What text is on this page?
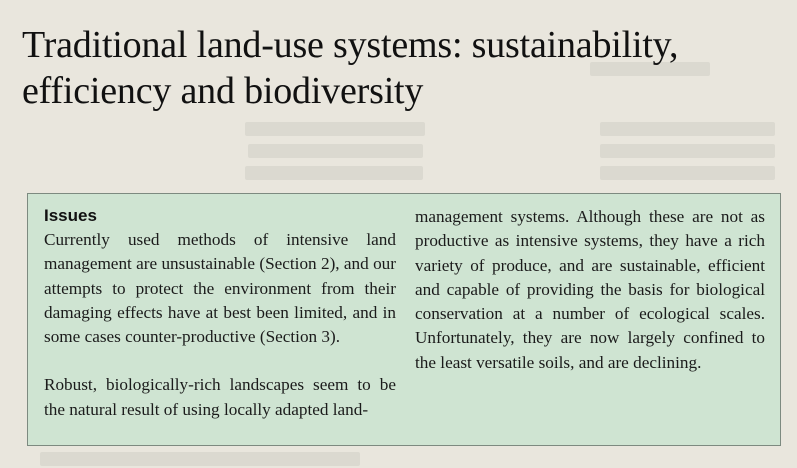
Traditional land-use systems: sustainability, efficiency and biodiversity
Issues

Currently used methods of intensive land management are unsustainable (Section 2), and our attempts to protect the environment from their damaging effects have at best been limited, and in some cases counter-productive (Section 3).

Robust, biologically-rich landscapes seem to be the natural result of using locally adapted land-

management systems. Although these are not as productive as intensive systems, they have a rich variety of produce, and are sustainable, efficient and capable of providing the basis for biological conservation at a number of ecological scales. Unfortunately, they are now largely confined to the least versatile soils, and are declining.
